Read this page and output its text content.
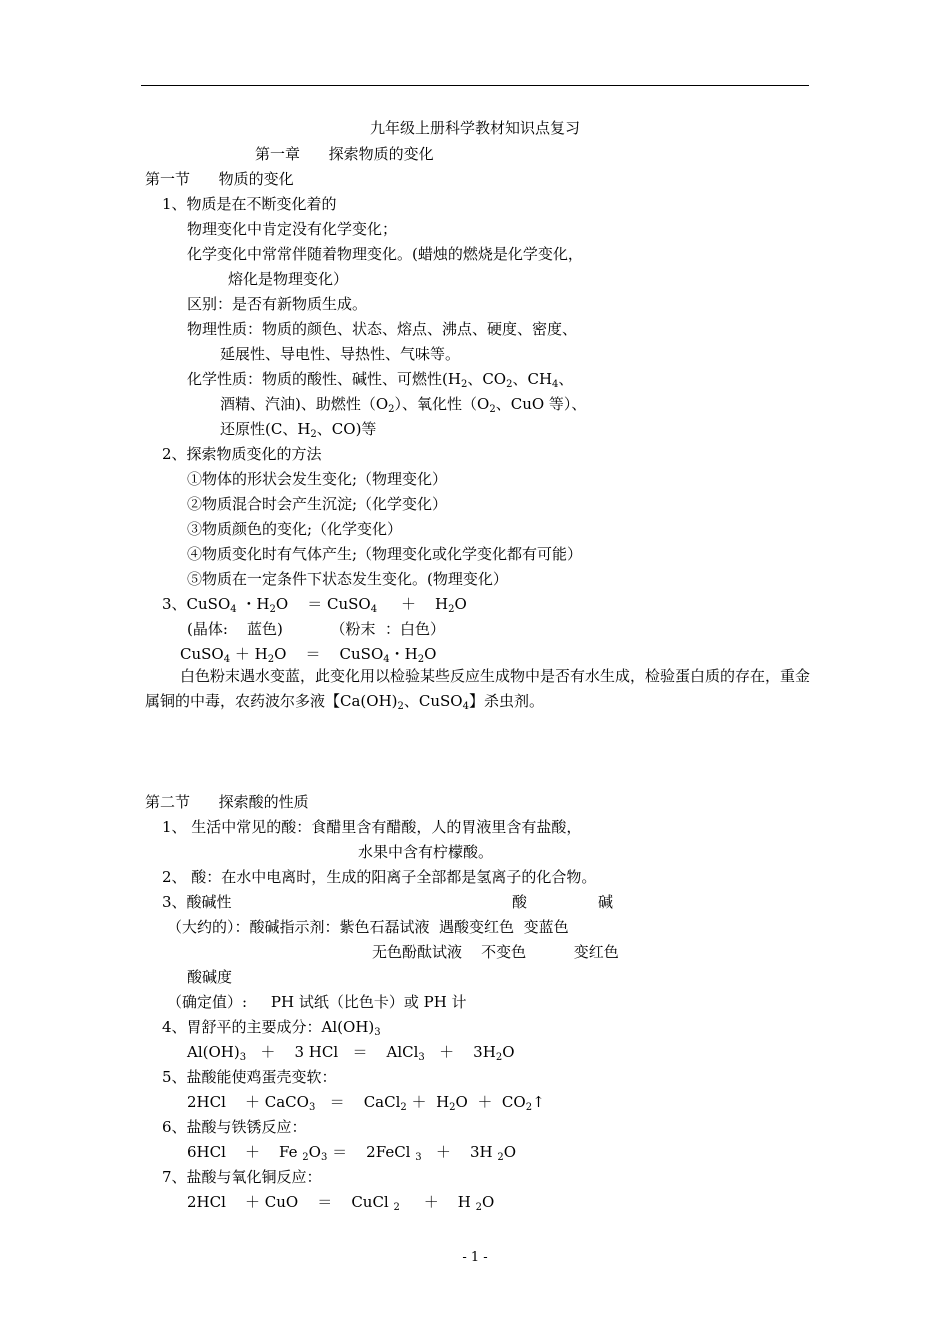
九年级上册科学教材知识点复习
第一章      探索物质的变化
第一节      物质的变化
1、物质是在不断变化着的
物理变化中肯定没有化学变化；
化学变化中常常伴随着物理变化。(蜡烛的燃烧是化学变化，
熔化是物理变化）
区别：是否有新物质生成。
物理性质：物质的颜色、状态、熔点、沸点、硬度、密度、
延展性、导电性、导热性、气味等。
化学性质：物质的酸性、碱性、可燃性($H_2$、$CO_2$、$CH_4$、
酒精、汽油)、助燃性$(O_2)$、氧化性（$O_2$、CuO 等）、
还原性(C、$H_2$、CO)等
2、探索物质变化的方法
①物体的形状会发生变化;（物理变化）
②物质混合时会产生沉淀;（化学变化）
③物质颜色的变化;（化学变化）
④物质变化时有气体产生;（物理变化或化学变化都有可能）
⑤物质在一定条件下状态发生变化。(物理变化）
3、CuSO$_4$ ・$H_2O$    ＝ CuSO$_4$     ＋    $H_2O$
(晶体:    蓝色)          （粉末  ：白色）
CuSO$_4$ ＋ $H_2O$    ＝    CuSO$_4$・$H_2O$
白色粉末遇水变蓝，此变化用以检验某些反应生成物中是否有水生成，检验蛋白质的存在，重金属铜的中毒，农药波尔多液【$Ca(OH)_2$、CuSO$_4$】杀虫剂。
第二节      探索酸的性质
1、 生活中常见的酸：食醋里含有醋酸，人的胃液里含有盐酸，
水果中含有柠檬酸。
2、 酸：在水中电离时，生成的阳离子全部都是氢离子的化合物。
3、酸碱性	酸	碱
（大约的）：酸碱指示剂：紫色石磊试液  遇酸变红色  变蓝色
无色酚酞试液    不变色          变红色
酸碱度
（确定值）:     PH 试纸（比色卡）或 PH 计
4、胃舒平的主要成分：$Al(OH)_3$
$Al(OH)_3$   ＋    3 HCl   ＝    AlCl$_3$   ＋    $3H_2O$
5、盐酸能使鸡蛋壳变软：
2HCl    ＋ CaCO$_3$   ＝    CaCl$_2$ ＋  $H_2O$  ＋  $CO_2↑$
6、盐酸与铁锈反应：
6HCl    ＋    Fe $_2O_3$ ＝    2FeCl $_3$   ＋    3H $_2$O
7、盐酸与氧化铜反应：
2HCl    ＋ CuO    ＝    CuCl $_2$     ＋    H $_2$O
- 1 -
